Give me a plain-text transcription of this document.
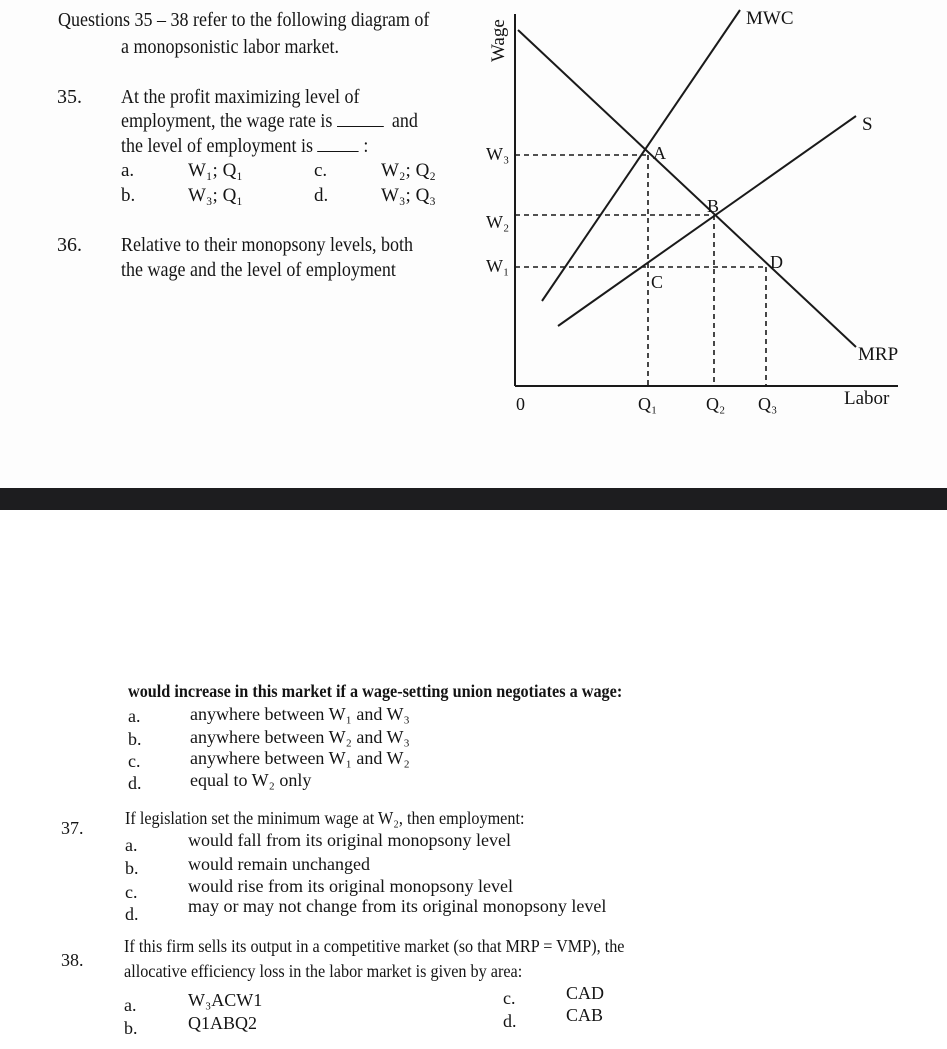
Questions 35 – 38 refer to the following diagram of
a monopsonistic labor market.
35. At the profit maximizing level of
employment, the wage rate is	and
the level of employment is	:
a.	W₁; Q₁
b.	W₃; Q₁
c.	W₂; Q₂
d.	W₃; Q₃
36. Relative to their monopsony levels, both
the wage and the level of employment
would increase in this market if a wage-setting union negotiates a wage:
a.	anywhere between W₁ and W₃
b.	anywhere between W₂ and W₃
c.	anywhere between W₁ and W₂
d.	equal to W₂ only
37. If legislation set the minimum wage at W₂, then employment:
a.	would fall from its original monopsony level
b.	would remain unchanged
c.	would rise from its original monopsony level
d.	may or may not change from its original monopsony level
38.
If this firm sells its output in a competitive market (so that MRP = VMP), the
allocative efficiency loss in the labor market is given by area:
a.	W₃ACW1
b.	Q1ABQ2
c.	CAD
d.	CAB
Wage
Labor
0
MWC
S
MRP
A
B
C
D
W₃
W₂
W₁
Q₁	Q₂ Q₃
